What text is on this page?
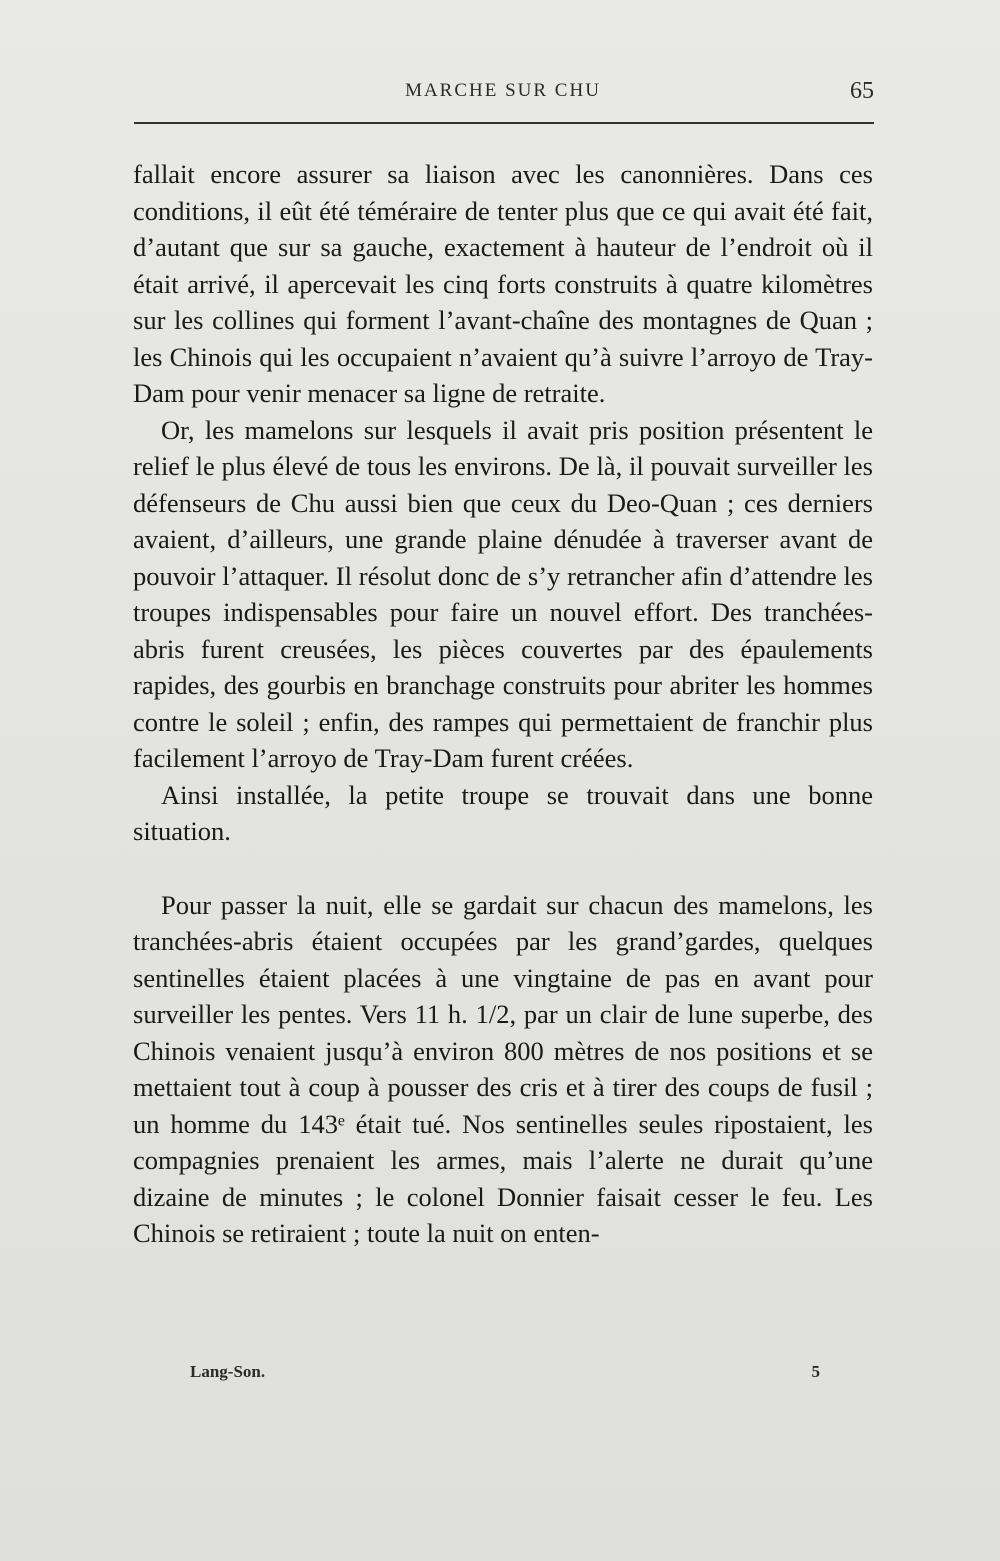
MARCHE SUR CHU	65

fallait encore assurer sa liaison avec les canonnières. Dans ces conditions, il eût été téméraire de tenter plus que ce qui avait été fait, d’autant que sur sa gauche, exactement à hauteur de l’endroit où il était arrivé, il apercevait les cinq forts construits à quatre kilomètres sur les collines qui forment l’avant-chaîne des montagnes de Quan ; les Chinois qui les occupaient n’avaient qu’à suivre l’arroyo de Tray-Dam pour venir menacer sa ligne de retraite.

Or, les mamelons sur lesquels il avait pris position présentent le relief le plus élevé de tous les environs. De là, il pouvait surveiller les défenseurs de Chu aussi bien que ceux du Deo-Quan ; ces derniers avaient, d’ailleurs, une grande plaine dénudée à traverser avant de pouvoir l’attaquer. Il résolut donc de s’y retrancher afin d’attendre les troupes indispensables pour faire un nouvel effort. Des tranchées-abris furent creusées, les pièces couvertes par des épaulements rapides, des gourbis en branchage construits pour abriter les hommes contre le soleil ; enfin, des rampes qui permettaient de franchir plus facilement l’arroyo de Tray-Dam furent créées.

Ainsi installée, la petite troupe se trouvait dans une bonne situation.

Pour passer la nuit, elle se gardait sur chacun des mamelons, les tranchées-abris étaient occupées par les grand’gardes, quelques sentinelles étaient placées à une vingtaine de pas en avant pour surveiller les pentes. Vers 11 h. 1/2, par un clair de lune superbe, des Chinois venaient jusqu’à environ 800 mètres de nos positions et se mettaient tout à coup à pousser des cris et à tirer des coups de fusil ; un homme du 143ᵉ était tué. Nos sentinelles seules ripostaient, les compagnies prenaient les armes, mais l’alerte ne durait qu’une dizaine de minutes ; le colonel Donnier faisait cesser le feu. Les Chinois se retiraient ; toute la nuit on enten-

Lang-Son.	5
